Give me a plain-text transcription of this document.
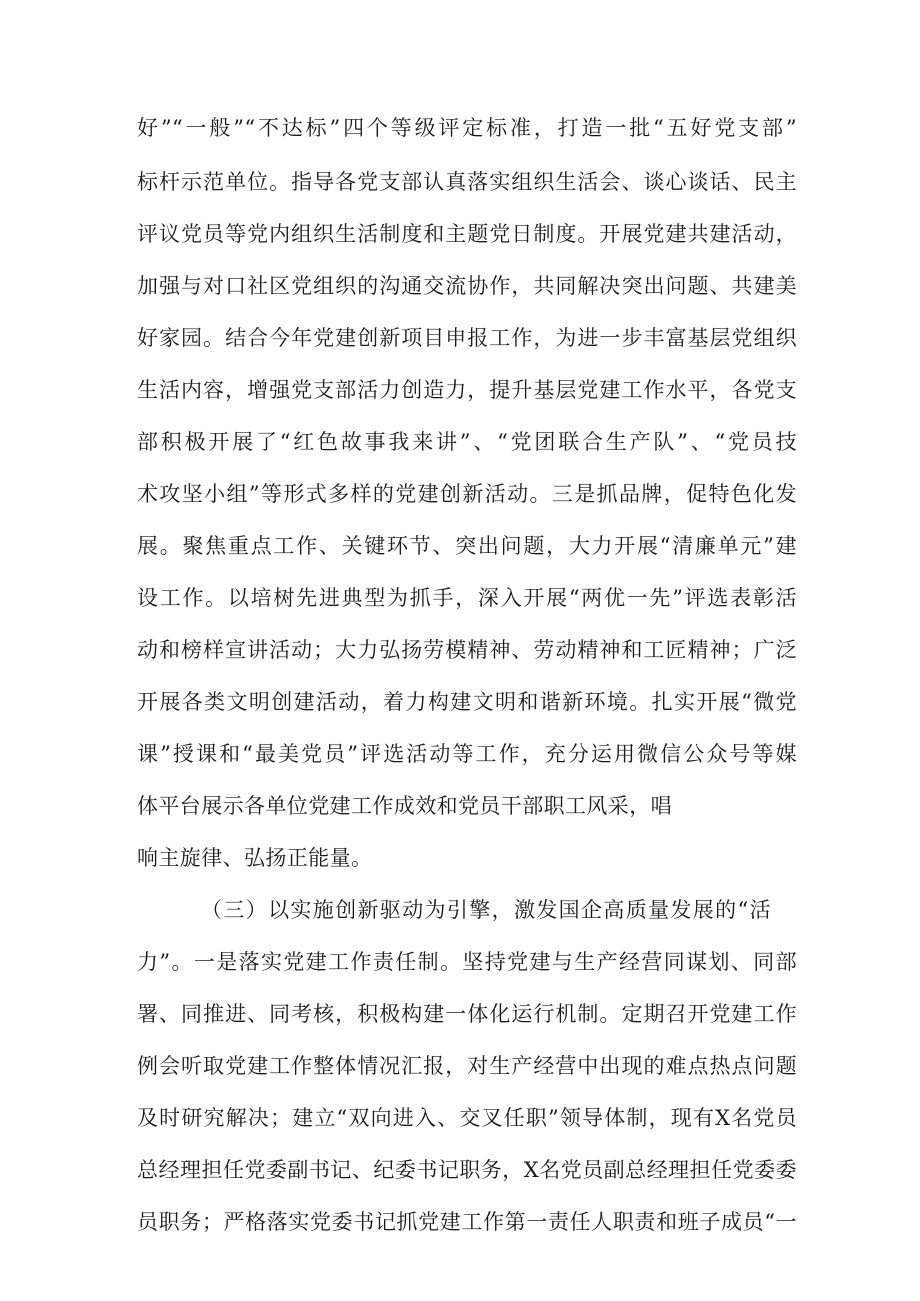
好”“一般”“不达标”四个等级评定标准，打造一批“五好党支部”
标杆示范单位。指导各党支部认真落实组织生活会、谈心谈话、民主
评议党员等党内组织生活制度和主题党日制度。开展党建共建活动，
加强与对口社区党组织的沟通交流协作，共同解决突出问题、共建美
好家园。结合今年党建创新项目申报工作，为进一步丰富基层党组织
生活内容，增强党支部活力创造力，提升基层党建工作水平，各党支
部积极开展了“红色故事我来讲”、“党团联合生产队”、“党员技
术攻坚小组”等形式多样的党建创新活动。三是抓品牌，促特色化发
展。聚焦重点工作、关键环节、突出问题，大力开展“清廉单元”建
设工作。以培树先进典型为抓手，深入开展“两优一先”评选表彰活
动和榜样宣讲活动；大力弘扬劳模精神、劳动精神和工匠精神；广泛
开展各类文明创建活动，着力构建文明和谐新环境。扎实开展“微党
课”授课和“最美党员”评选活动等工作，充分运用微信公众号等媒
体平台展示各单位党建工作成效和党员干部职工风采，唱
响主旋律、弘扬正能量。
（三）以实施创新驱动为引擎，激发国企高质量发展的“活
力”。一是落实党建工作责任制。坚持党建与生产经营同谋划、同部
署、同推进、同考核，积极构建一体化运行机制。定期召开党建工作
例会听取党建工作整体情况汇报，对生产经营中出现的难点热点问题
及时研究解决；建立“双向进入、交叉任职”领导体制，现有X名党员
总经理担任党委副书记、纪委书记职务，X名党员副总经理担任党委委
员职务；严格落实党委书记抓党建工作第一责任人职责和班子成员“一
